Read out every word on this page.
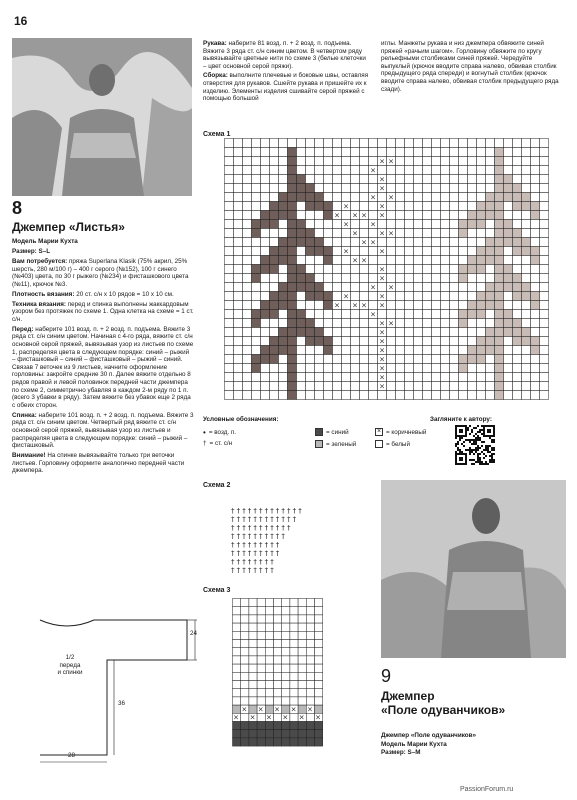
16
8
Джемпер «Листья»

Модель Марии Кухта

Размер: S–L

Вам потребуется: пряжа Superlana Klasik (75% акрил, 25% шерсть, 280 м/100 г) – 400 г серого (№152), 100 г синего (№403) цвета, по 30 г рыжего (№234) и фисташкового цвета (№11), крючок №3.

Плотность вязания: 20 ст. с/н х 10 рядов = 10 х 10 см.

Техника вязания: перед и спинка выполнены жаккардовым узором без протяжек по схеме 1. Одна клетка на схеме = 1 ст. с/н.

Перед: наберите 101 возд. п. + 2 возд. п. подъема. Вяжите 3 ряда ст. с/н синим цветом. Начиная с 4-го ряда, вяжите ст. с/н основной серой пряжей, вывязывая узор из листьев по схеме 1, распределяя цвета в следующем порядке: синий – рыжий – фисташковый – синий – фисташковый – рыжий – синий. Связав 7 веточек из 9 листьев, начните оформление горловины: закройте средние 30 п. Далее вяжите отдельно 8 рядов правой и левой половинок передней части джемпера по схеме 2, симметрично убавляя в каждом 2-м ряду по 1 п. (всего 3 убавки в ряду). Затем вяжите без убавок еще 2 ряда с обеих сторон.

Спинка: наберите 101 возд. п. + 2 возд. п. подъема. Вяжите 3 ряда ст. с/н синим цветом. Четвертый ряд вяжите ст. с/н основной серой пряжей, вывязывая узор из листьев и распределяя цвета в следующем порядке: синий – рыжий – фисташковый.

Внимание! На спинке вывязывайте только три веточки листьев. Горловину оформите аналогично передней части джемпера.

1/2
переда
и спинки
36
24
28

Рукава: наберите 81 возд. п. + 2 возд. п. подъема. Вяжите 3 ряда ст. с/н синим цветом. В четвертом ряду вывязывайте цветные нити по схеме 3 (белые клеточки – цвет основной серой пряжи).

Сборка: выполните плечевые и боковые швы, оставляя отверстия для рукавов. Сшейте рукава и пришейте их к изделию. Элементы изделия сшивайте серой пряжей с помощью большой

иглы. Манжеты рукава и низ джемпера обвяжите синей пряжей «рачьим шагом». Горловину обвяжите по кругу рельефными столбиками синей пряжей. Чередуйте выпуклый (крючок вводите справа налево, обвивая столбик предыдущего ряда спереди) и вогнутый столбик (крючок вводите справа налево, обвивая столбик предыдущего ряда сзади).

Схема 1
× ×
×
×
×
× ×
×	×
× × × ×
×	×
×	× ×
× ×
×	×
× ×
×
×
× ×
×	×
× × × ×
×
× ×
×
×
×
×
×
×
×
Условные обозначения:
• = возд. п.
† = ст. с/н
= синий
= зеленый
× = коричневый
= белый
Загляните к автору:
Схема 2
† † † † † † † † † † † † †
† † † † † † † † † † † †
† † † † † † † † † † †
† † † † † † † † † †
† † † † † † † † †
† † † † † † † † †
† † † † † † † †
† † † † † † † †
Схема 3
× × × × ×
× × × × × ×
9
Джемпер
«Поле одуванчиков»
Джемпер «Поле одуванчиков»
Модель Марии Кухта
Размер: S–M
PassionForum.ru
